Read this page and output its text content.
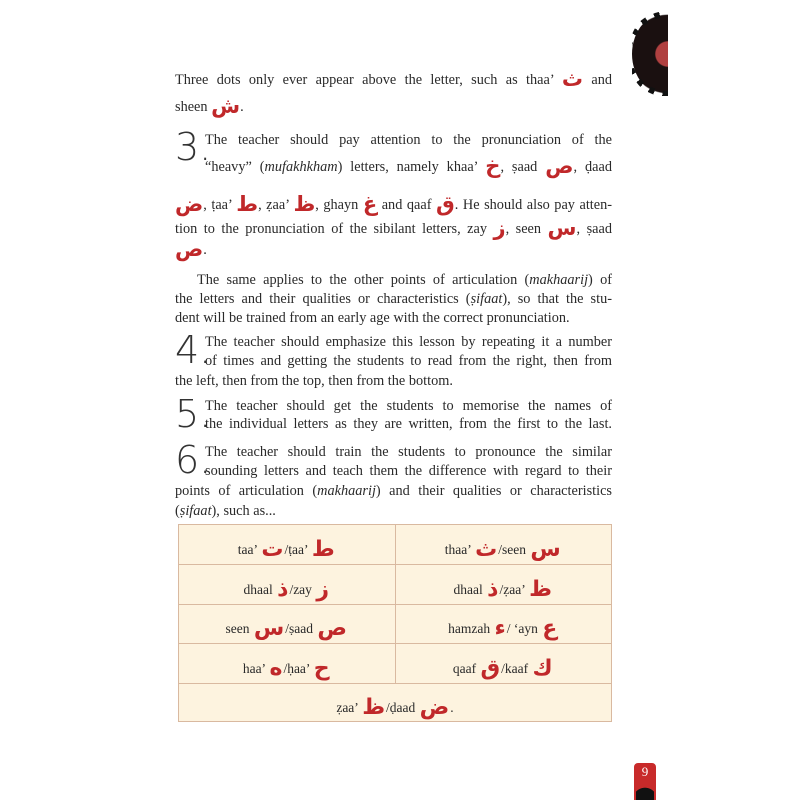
3.
4.
5.
6.
Three dots only ever appear above the letter, such as thaa’ ث and
sheen ش.
The teacher should pay attention to the pronunciation of the
“heavy” (mufakhkham) letters, namely khaa’ خ, ṣaad ص, ḍaad
ض, ṭaa’ ط, ẓaa’ ظ, ghayn غ and qaaf ق. He should also pay atten-
tion to the pronunciation of the sibilant letters, zay ز, seen س, ṣaad
ص.
The same applies to the other points of articulation (makhaarij) of
the letters and their qualities or characteristics (ṣifaat), so that the stu-
dent will be trained from an early age with the correct pronunciation.
The teacher should emphasize this lesson by repeating it a number
of times and getting the students to read from the right, then from
the left, then from the top, then from the bottom.
The teacher should get the students to memorise the names of
the individual letters as they are written, from the first to the last.
The teacher should train the students to pronounce the similar
sounding letters and teach them the difference with regard to their
points of articulation (makhaarij) and their qualities or characteristics
(ṣifaat), such as...
taa’ ت/ṭaa’ ط	thaa’ ث/seen س
dhaal ذ/zay ز	dhaal ذ/ẓaa’ ظ
seen س/ṣaad ص	hamzah ء/ ‘ayn ع
haa’ ه/ḥaa’ ح	qaaf ق/kaaf ك
ẓaa’ ظ/ḍaad ض.
9
